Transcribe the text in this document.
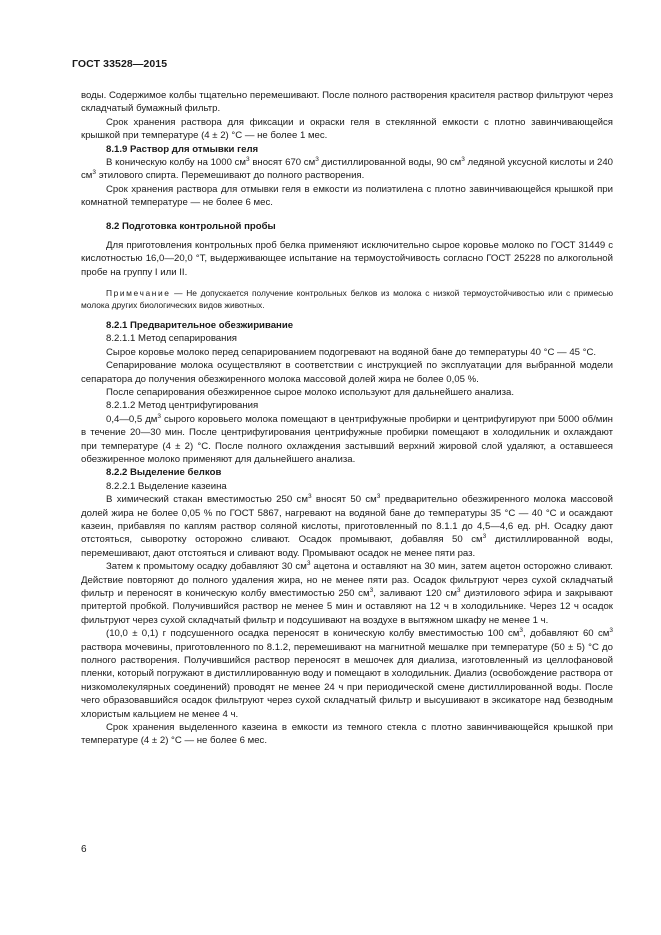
ГОСТ 33528—2015

воды. Содержимое колбы тщательно перемешивают. После полного растворения красителя раствор фильтруют через складчатый бумажный фильтр.

Срок хранения раствора для фиксации и окраски геля в стеклянной емкости с плотно завинчивающейся крышкой при температуре (4 ± 2) °С — не более 1 мес.

8.1.9 Раствор для отмывки геля

В коническую колбу на 1000 $см^3$ вносят 670 $см^3$ дистиллированной воды, 90 $см^3$ ледяной уксусной кислоты и 240 $см^3$ этилового спирта. Перемешивают до полного растворения.

Срок хранения раствора для отмывки геля в емкости из полиэтилена с плотно завинчивающейся крышкой при комнатной температуре — не более 6 мес.

8.2 Подготовка контрольной пробы

Для приготовления контрольных проб белка применяют исключительно сырое коровье молоко по ГОСТ 31449 с кислотностью 16,0—20,0 °Т, выдерживающее испытание на термоустойчивость согласно ГОСТ 25228 по алкогольной пробе на группу I или II.

Примечание — Не допускается получение контрольных белков из молока с низкой термоустойчивостью или с примесью молока других биологических видов животных.

8.2.1 Предварительное обезжиривание

8.2.1.1 Метод сепарирования

Сырое коровье молоко перед сепарированием подогревают на водяной бане до температуры 40 °С — 45 °С.

Сепарирование молока осуществляют в соответствии с инструкцией по эксплуатации для выбранной модели сепаратора до получения обезжиренного молока массовой долей жира не более 0,05 %.

После сепарирования обезжиренное сырое молоко используют для дальнейшего анализа.

8.2.1.2 Метод центрифугирования

0,4—0,5 $дм^3$ сырого коровьего молока помещают в центрифужные пробирки и центрифугируют при 5000 об/мин в течение 20—30 мин. После центрифугирования центрифужные пробирки помещают в холодильник и охлаждают при температуре (4 ± 2) °С. После полного охлаждения застывший верхний жировой слой удаляют, а оставшееся обезжиренное молоко применяют для дальнейшего анализа.

8.2.2 Выделение белков

8.2.2.1 Выделение казеина

В химический стакан вместимостью 250 $см^3$ вносят 50 $см^3$ предварительно обезжиренного молока массовой долей жира не более 0,05 % по ГОСТ 5867, нагревают на водяной бане до температуры 35 °С — 40 °С и осаждают казеин, прибавляя по каплям раствор соляной кислоты, приготовленный по 8.1.1 до 4,5—4,6 ед. рН. Осадку дают отстояться, сыворотку осторожно сливают. Осадок промывают, добавляя 50 $см^3$ дистиллированной воды, перемешивают, дают отстояться и сливают воду. Промывают осадок не менее пяти раз.

Затем к промытому осадку добавляют 30 $см^3$ ацетона и оставляют на 30 мин, затем ацетон осторожно сливают. Действие повторяют до полного удаления жира, но не менее пяти раз. Осадок фильтруют через сухой складчатый фильтр и переносят в коническую колбу вместимостью 250 $см^3$, заливают 120 $см^3$ диэтилового эфира и закрывают притертой пробкой. Получившийся раствор не менее 5 мин и оставляют на 12 ч в холодильнике. Через 12 ч осадок фильтруют через сухой складчатый фильтр и подсушивают на воздухе в вытяжном шкафу не менее 1 ч.

(10,0 ± 0,1) г подсушенного осадка переносят в коническую колбу вместимостью 100 $см^3$, добавляют 60 $см^3$ раствора мочевины, приготовленного по 8.1.2, перемешивают на магнитной мешалке при температуре (50 ± 5) °С до полного растворения. Получившийся раствор переносят в мешочек для диализа, изготовленный из целлофановой пленки, который погружают в дистиллированную воду и помещают в холодильник. Диализ (освобождение раствора от низкомолекулярных соединений) проводят не менее 24 ч при периодической смене дистиллированной воды. После чего образовавшийся осадок фильтруют через сухой складчатый фильтр и высушивают в эксикаторе над безводным хлористым кальцием не менее 4 ч.

Срок хранения выделенного казеина в емкости из темного стекла с плотно завинчивающейся крышкой при температуре (4 ± 2) °С — не более 6 мес.

6
